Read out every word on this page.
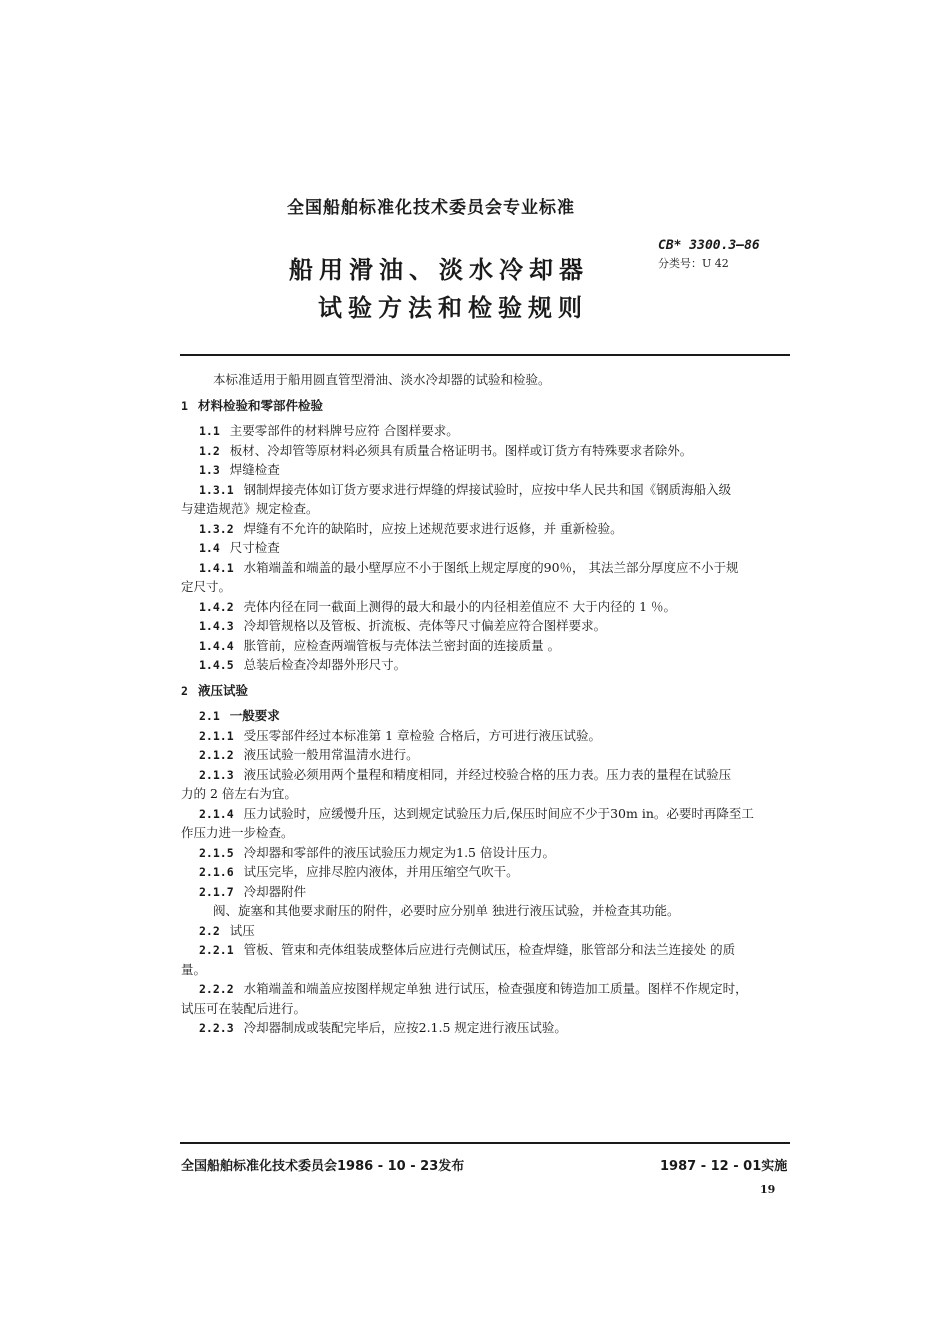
全国船舶标准化技术委员会专业标准
船用滑油、淡水冷却器
试验方法和检验规则
CB* 3300.3—86
分类号：U 42
本标准适用于船用圆直管型滑油、淡水冷却器的试验和检验。
1 材料检验和零部件检验
1.1 主要零部件的材料牌号应符 合图样要求。
1.2 板材、冷却管等原材料必须具有质量合格证明书。图样或订货方有特殊要求者除外。
1.3 焊缝检查
1.3.1 钢制焊接壳体如订货方要求进行焊缝的焊接试验时，应按中华人民共和国《钢质海船入级
与建造规范》规定检查。
1.3.2 焊缝有不允许的缺陷时，应按上述规范要求进行返修，并 重新检验。
1.4 尺寸检查
1.4.1 水箱端盖和端盖的最小壁厚应不小于图纸上规定厚度的90％， 其法兰部分厚度应不小于规
定尺寸。
1.4.2 壳体内径在同一截面上测得的最大和最小的内径相差值应不 大于内径的 1 ％。
1.4.3 冷却管规格以及管板、折流板、壳体等尺寸偏差应符合图样要求。
1.4.4 胀管前，应检查两端管板与壳体法兰密封面的连接质量 。
1.4.5 总装后检查冷却器外形尺寸。
2 液压试验
2.1 一般要求
2.1.1 受压零部件经过本标准第 1 章检验 合格后，方可进行液压试验。
2.1.2 液压试验一般用常温清水进行。
2.1.3 液压试验必须用两个量程和精度相同，并经过校验合格的压力表。压力表的量程在试验压
力的 2 倍左右为宜。
2.1.4 压力试验时，应缓慢升压，达到规定试验压力后,保压时间应不少于30m in。必要时再降至工
作压力进一步检查。
2.1.5 冷却器和零部件的液压试验压力规定为1.5 倍设计压力。
2.1.6 试压完毕，应排尽腔内液体，并用压缩空气吹干。
2.1.7 冷却器附件
阀、旋塞和其他要求耐压的附件，必要时应分别单 独进行液压试验，并检查其功能。
2.2 试压
2.2.1 管板、管束和壳体组装成整体后应进行壳侧试压，检查焊缝，胀管部分和法兰连接处 的质
量。
2.2.2 水箱端盖和端盖应按图样规定单独 进行试压，检查强度和铸造加工质量。图样不作规定时，
试压可在装配后进行。
2.2.3 冷却器制成或装配完毕后，应按2.1.5 规定进行液压试验。
全国船舶标准化技术委员会1986 - 10 - 23发布	1987 - 12 - 01实施
19
